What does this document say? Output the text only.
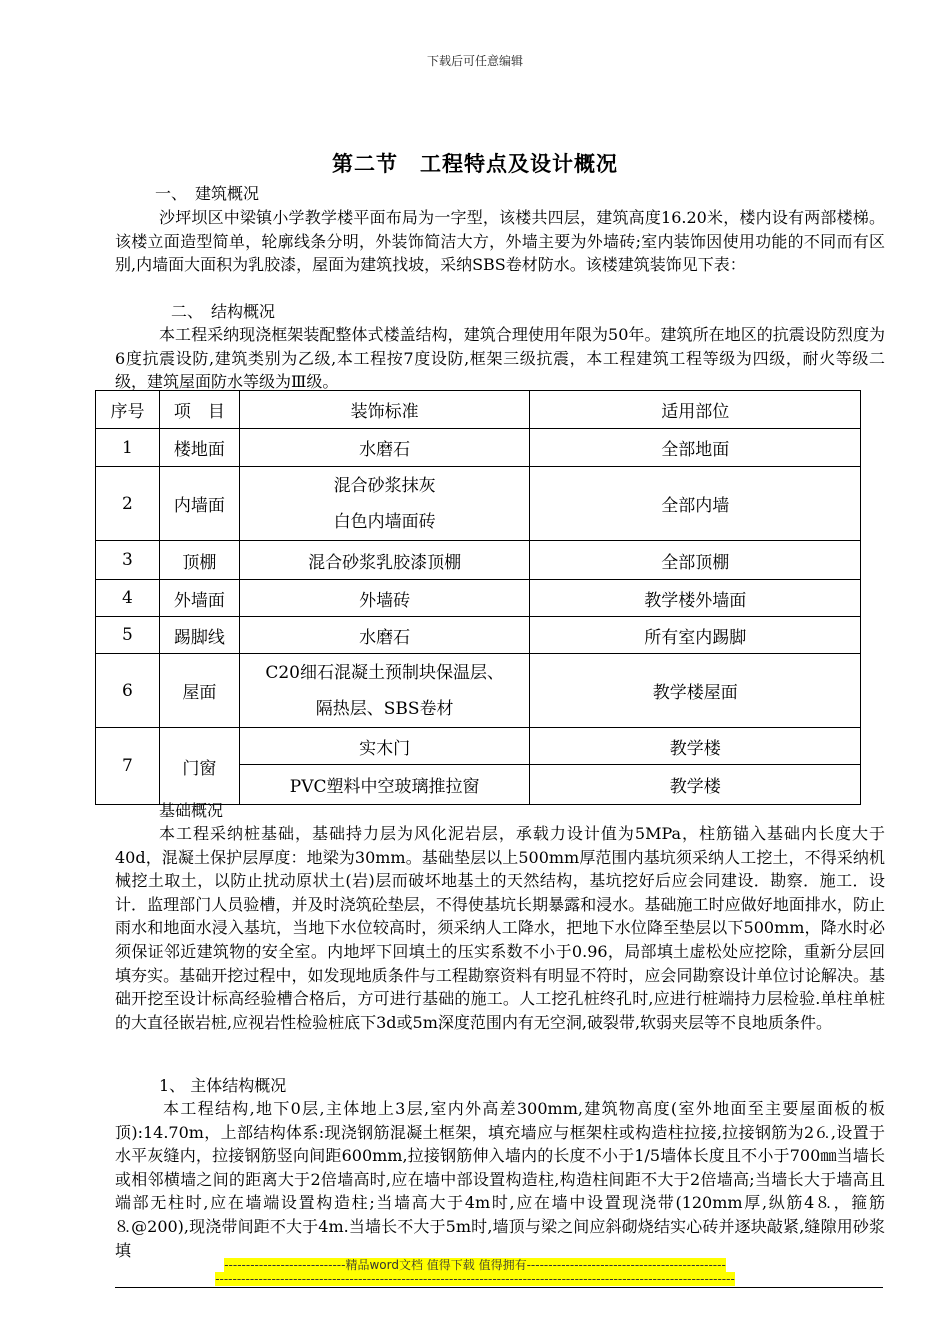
下载后可任意编辑
第二节　工程特点及设计概况

一、　建筑概况

沙坪坝区中梁镇小学教学楼平面布局为一字型，该楼共四层，建筑高度16.20米，楼内设有两部楼梯。该楼立面造型简单，轮廓线条分明，外装饰简洁大方，外墙主要为外墙砖;室内装饰因使用功能的不同而有区别,内墙面大面积为乳胶漆，屋面为建筑找坡，采纳SBS卷材防水。该楼建筑装饰见下表：

二、　结构概况

本工程采纳现浇框架装配整体式楼盖结构，建筑合理使用年限为50年。建筑所在地区的抗震设防烈度为6度抗震设防,建筑类别为乙级,本工程按7度设防,框架三级抗震，本工程建筑工程等级为四级，耐火等级二级，建筑屋面防水等级为Ⅲ级。

序号	项　目	装饰标准	适用部位
1	楼地面	水磨石	全部地面
2	内墙面	混合砂浆抹灰
白色内墙面砖	全部内墙
3	顶棚	混合砂浆乳胶漆顶棚	全部顶棚
4	外墙面	外墙砖	教学楼外墙面
5	踢脚线	水磨石	所有室内踢脚
6	屋面	C20细石混凝土预制块保温层、
隔热层、SBS卷材	教学楼屋面
7	门窗	实木门	教学楼
		PVC塑料中空玻璃推拉窗	教学楼

基础概况

本工程采纳桩基础，基础持力层为风化泥岩层，承载力设计值为5MPa，柱筋锚入基础内长度大于40d，混凝土保护层厚度：地梁为30mm。基础垫层以上500mm厚范围内基坑须采纳人工挖土，不得采纳机械挖土取土，以防止扰动原状土(岩)层而破坏地基土的天然结构，基坑挖好后应会同建设．勘察．施工．设计．监理部门人员验槽，并及时浇筑砼垫层，不得使基坑长期暴露和浸水。基础施工时应做好地面排水，防止雨水和地面水浸入基坑，当地下水位较高时，须采纳人工降水，把地下水位降至垫层以下500mm，降水时必须保证邻近建筑物的安全室。内地坪下回填土的压实系数不小于0.96，局部填土虚松处应挖除，重新分层回填夯实。基础开挖过程中，如发现地质条件与工程勘察资料有明显不符时，应会同勘察设计单位讨论解决。基础开挖至设计标高经验槽合格后，方可进行基础的施工。人工挖孔桩终孔时,应进行桩端持力层检验.单柱单桩的大直径嵌岩桩,应视岩性检验桩底下3d或5m深度范围内有无空洞,破裂带,软弱夹层等不良地质条件。

1、 主体结构概况

本工程结构,地下0层,主体地上3层,室内外高差300mm,建筑物高度(室外地面至主要屋面板的板顶):14.70m，上部结构体系:现浇钢筋混凝土框架，填充墙应与框架柱或构造柱拉接,拉接钢筋为2⒍,设置于水平灰缝内，拉接钢筋竖向间距600mm,拉接钢筋伸入墙内的长度不小于1/5墙体长度且不小于700㎜当墙长或相邻横墙之间的距离大于2倍墙高时,应在墙中部设置构造柱,构造柱间距不大于2倍墙高;当墙长大于墙高且端部无柱时,应在墙端设置构造柱;当墙高大于4m时,应在墙中设置现浇带(120mm厚,纵筋4⒏，箍筋⒏@200),现浇带间距不大于4m.当墙长不大于5m时,墙顶与梁之间应斜砌烧结实心砖并逐块敲紧,缝隙用砂浆填

----------------------------精品word文档 值得下载 值得拥有----------------------------------------------
------------------------------------------------------------------------------------------------------------------------
